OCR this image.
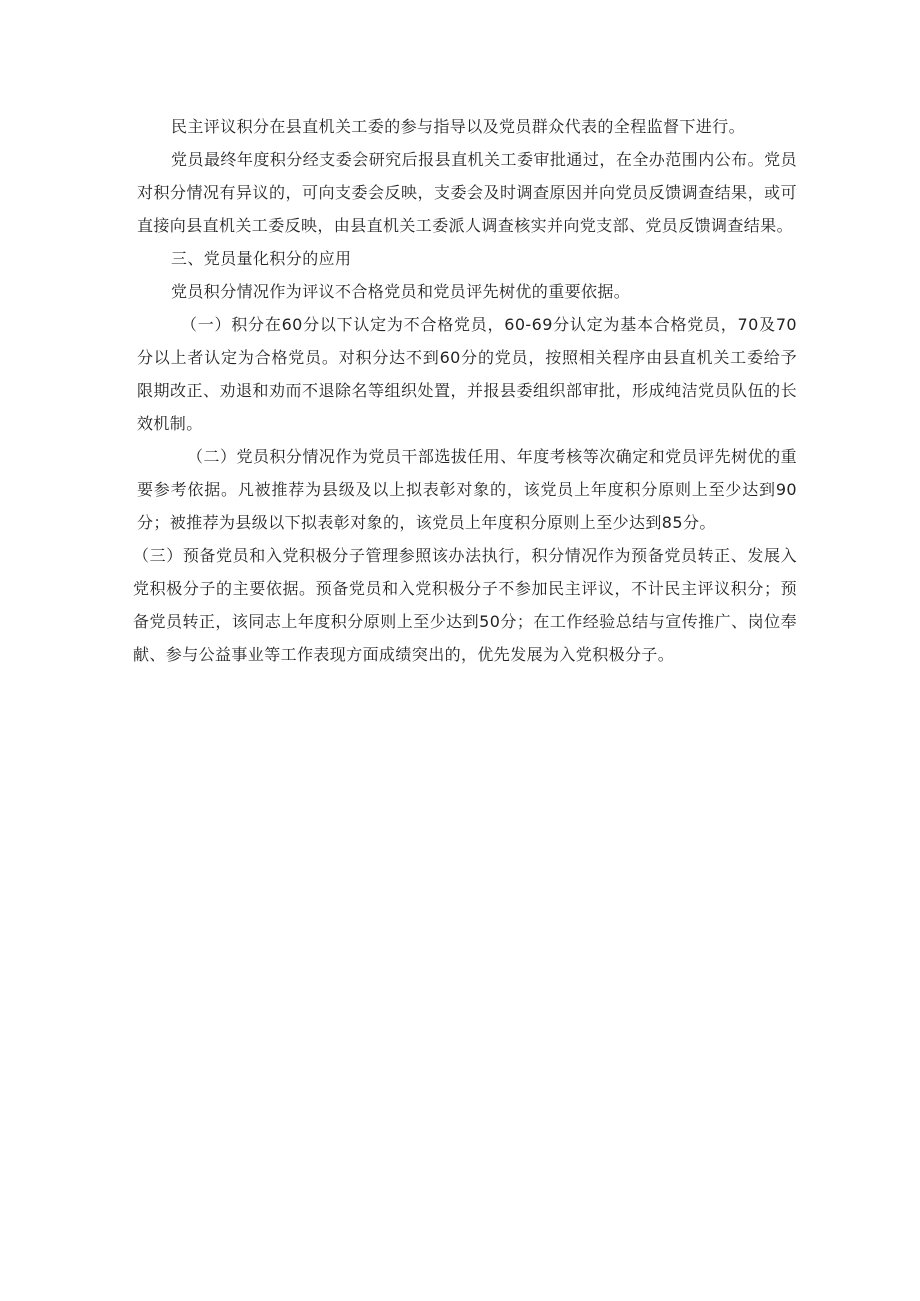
民主评议积分在县直机关工委的参与指导以及党员群众代表的全程监督下进行。

党员最终年度积分经支委会研究后报县直机关工委审批通过，在全办范围内公布。党员对积分情况有异议的，可向支委会反映，支委会及时调查原因并向党员反馈调查结果，或可直接向县直机关工委反映，由县直机关工委派人调查核实并向党支部、党员反馈调查结果。

三、党员量化积分的应用

党员积分情况作为评议不合格党员和党员评先树优的重要依据。

（一）积分在60分以下认定为不合格党员，60-69分认定为基本合格党员，70及70分以上者认定为合格党员。对积分达不到60分的党员，按照相关程序由县直机关工委给予限期改正、劝退和劝而不退除名等组织处置，并报县委组织部审批，形成纯洁党员队伍的长效机制。

（二）党员积分情况作为党员干部选拔任用、年度考核等次确定和党员评先树优的重要参考依据。凡被推荐为县级及以上拟表彰对象的，该党员上年度积分原则上至少达到90分；被推荐为县级以下拟表彰对象的，该党员上年度积分原则上至少达到85分。

（三）预备党员和入党积极分子管理参照该办法执行，积分情况作为预备党员转正、发展入党积极分子的主要依据。预备党员和入党积极分子不参加民主评议，不计民主评议积分；预备党员转正，该同志上年度积分原则上至少达到50分；在工作经验总结与宣传推广、岗位奉献、参与公益事业等工作表现方面成绩突出的，优先发展为入党积极分子。
